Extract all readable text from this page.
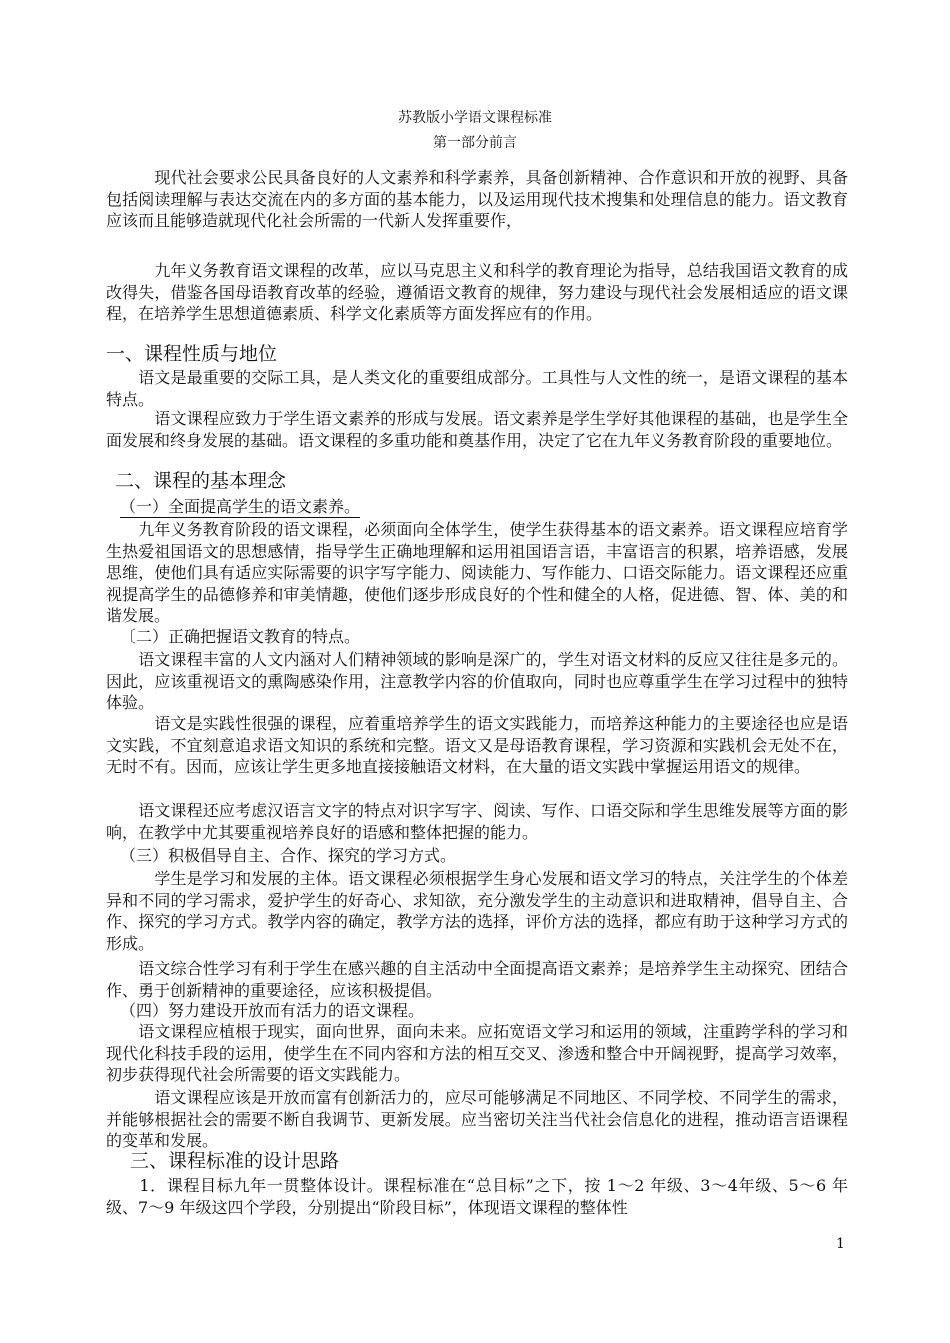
苏教版小学语文课程标准
第一部分前言
　　　现代社会要求公民具备良好的人文素养和科学素养，具备创新精神、合作意识和开放的视野、具备包括阅读理解与表达交流在内的多方面的基本能力，以及运用现代技术搜集和处理信息的能力。语文教育应该而且能够造就现代化社会所需的一代新人发挥重要作，
　　　九年义务教育语文课程的改革，应以马克思主义和科学的教育理论为指导，总结我国语文教育的成改得失，借鉴各国母语教育改革的经验，遵循语文教育的规律，努力建设与现代社会发展相适应的语文课程，在培养学生思想道德素质、科学文化素质等方面发挥应有的作用。
一、课程性质与地位
　　语文是最重要的交际工具，是人类文化的重要组成部分。工具性与人文性的统一，是语文课程的基本特点。
　　　语文课程应致力于学生语文素养的形成与发展。语文素养是学生学好其他课程的基础，也是学生全面发展和终身发展的基础。语文课程的多重功能和奠基作用，决定了它在九年义务教育阶段的重要地位。
二、课程的基本理念
（一）全面提高学生的语文素养。
　　九年义务教育阶段的语文课程，必须面向全体学生，使学生获得基本的语文素养。语文课程应培育学生热爱祖国语文的思想感情，指导学生正确地理解和运用祖国语言语，丰富语言的积累，培养语感，发展思维，使他们具有适应实际需要的识字写字能力、阅读能力、写作能力、口语交际能力。语文课程还应重视提高学生的品德修养和审美情趣，使他们逐步形成良好的个性和健全的人格，促进德、智、体、美的和谐发展。
〔二）正确把握语文教育的特点。
　　语文课程丰富的人文内涵对人们精神领域的影响是深广的，学生对语文材料的反应又往往是多元的。因此，应该重视语文的熏陶感染作用，注意教学内容的价值取向，同时也应尊重学生在学习过程中的独特体验。
　　　语文是实践性很强的课程，应着重培养学生的语文实践能力，而培养这种能力的主要途径也应是语文实践，不宜刻意追求语文知识的系统和完整。语文又是母语教育课程，学习资源和实践机会无处不在，无时不有。因而，应该让学生更多地直接接触语文材料，在大量的语文实践中掌握运用语文的规律。
　　语文课程还应考虑汉语言文字的特点对识字写字、阅读、写作、口语交际和学生思维发展等方面的影响，在教学中尤其要重视培养良好的语感和整体把握的能力。
（三）积极倡导自主、合作、探究的学习方式。
　　　学生是学习和发展的主体。语文课程必须根据学生身心发展和语文学习的特点，关注学生的个体差异和不同的学习需求，爱护学生的好奇心、求知欲，充分激发学生的主动意识和进取精神，倡导自主、合作、探究的学习方式。教学内容的确定，教学方法的选择，评价方法的选择，都应有助于这种学习方式的形成。
　　语文综合性学习有利于学生在感兴趣的自主活动中全面提高语文素养；是培养学生主动探究、团结合作、勇于创新精神的重要途径，应该积极提倡。
（四）努力建设开放而有活力的语文课程。
　　语文课程应植根于现实，面向世界，面向未来。应拓宽语文学习和运用的领域，注重跨学科的学习和现代化科技手段的运用，使学生在不同内容和方法的相互交叉、渗透和整合中开阔视野，提高学习效率，初步获得现代社会所需要的语文实践能力。
　　　语文课程应该是开放而富有创新活力的，应尽可能够满足不同地区、不同学校、不同学生的需求，并能够根据社会的需要不断自我调节、更新发展。应当密切关注当代社会信息化的进程，推动语言语课程的变革和发展。
三、课程标准的设计思路
　　1．课程目标九年一贯整体设计。课程标准在“总目标”之下，按 1～2 年级、3～4年级、5～6 年级、7～9 年级这四个学段，分别提出“阶段目标”，体现语文课程的整体性
1
